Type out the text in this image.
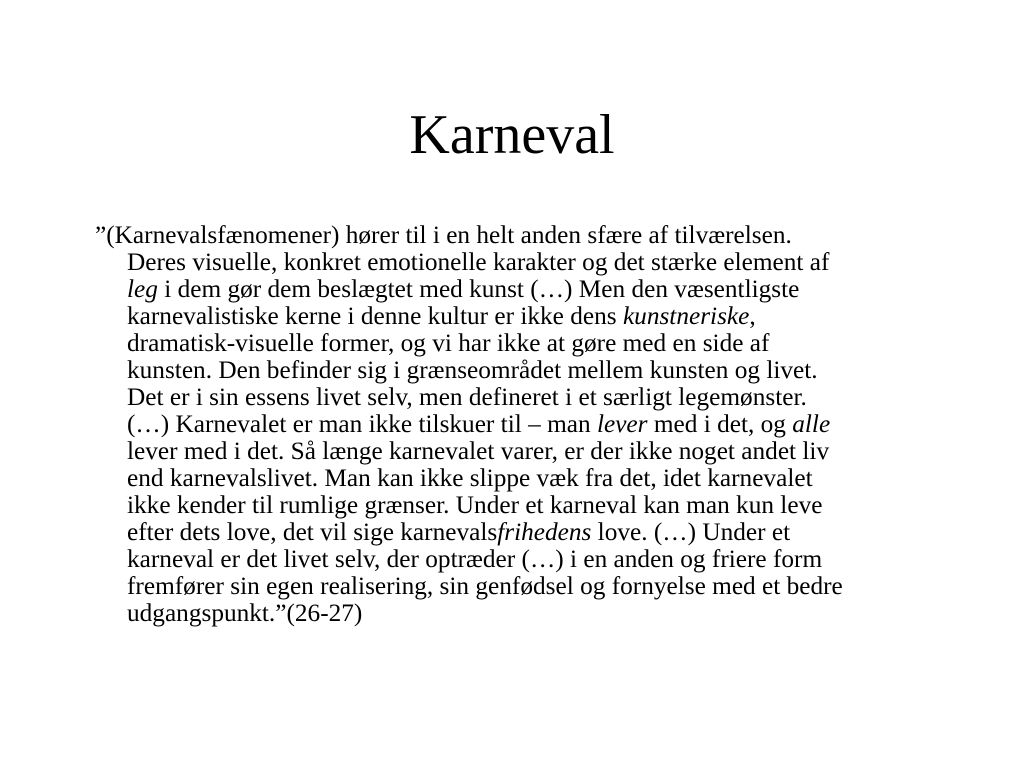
Karneval
”(Karnevalsfænomener) hører til i en helt anden sfære af tilværelsen.
Deres visuelle, konkret emotionelle karakter og det stærke element af
leg i dem gør dem beslægtet med kunst (…) Men den væsentligste
karnevalistiske kerne i denne kultur er ikke dens kunstneriske,
dramatisk-visuelle former, og vi har ikke at gøre med en side af
kunsten. Den befinder sig i grænseområdet mellem kunsten og livet.
Det er i sin essens livet selv, men defineret i et særligt legemønster.
(…) Karnevalet er man ikke tilskuer til – man lever med i det, og alle
lever med i det. Så længe karnevalet varer, er der ikke noget andet liv
end karnevalslivet. Man kan ikke slippe væk fra det, idet karnevalet
ikke kender til rumlige grænser. Under et karneval kan man kun leve
efter dets love, det vil sige karnevalsfrihedens love. (…) Under et
karneval er det livet selv, der optræder (…) i en anden og friere form
fremfører sin egen realisering, sin genfødsel og fornyelse med et bedre
udgangspunkt.”(26-27)
